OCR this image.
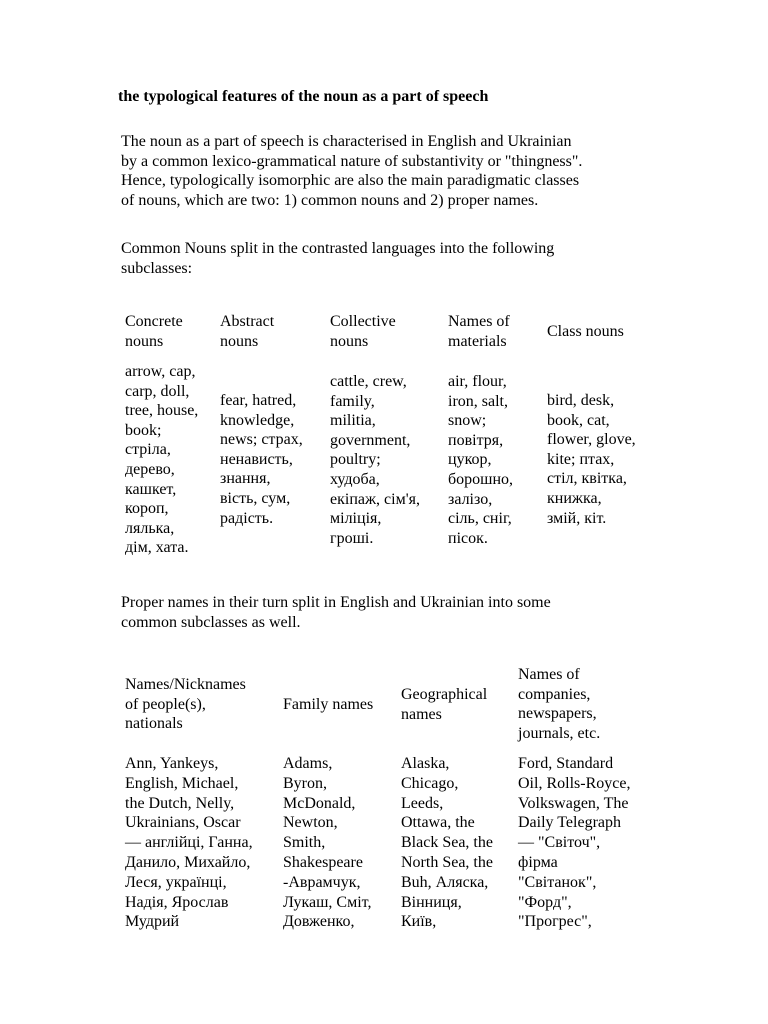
the typological features of the noun as a part of speech
The noun as a part of speech is characterised in English and Ukrainian
by a common lexico-grammatical nature of substantivity or "thingness".
Hence, typologically isomorphic are also the main paradigmatic classes
of nouns, which are two: 1) common nouns and 2) proper names.
Common Nouns split in the contrasted languages into the following
subclasses:
Concrete
nouns
Abstract
nouns
Collective
nouns
Names of
materials
Class nouns
arrow, cap,
carp, doll,
tree, house,
book;
стріла,
дерево,
кашкет,
короп,
лялька,
дім, хата.
fear, hatred,
knowledge,
news; страх,
ненависть,
знання,
вість, сум,
радість.
cattle, crew,
family,
militia,
government,
poultry;
худоба,
екіпаж, сім'я,
міліція,
гроші.
air, flour,
iron, salt,
snow;
повітря,
цукор,
борошно,
залізо,
сіль, сніг,
пісок.
bird, desk,
book, cat,
flower, glove,
kite; птах,
стіл, квітка,
книжка,
змій, кіт.
Proper names in their turn split in English and Ukrainian into some
common subclasses as well.
Names/Nicknames
of people(s),
nationals
Family names
Geographical
names
Names of
companies,
newspapers,
journals, etc.
Ann, Yankeys,
English, Michael,
the Dutch, Nelly,
Ukrainians, Oscar
— англійці, Ганна,
Данило, Михайло,
Леся, українці,
Надія, Ярослав
Мудрий
Adams,
Byron,
McDonald,
Newton,
Smith,
Shakespeare
-Аврамчук,
Лукаш, Сміт,
Довженко,
Alaska,
Chicago,
Leeds,
Ottawa, the
Black Sea, the
North Sea, the
Buh, Аляска,
Вінниця,
Київ,
Ford, Standard
Oil, Rolls-Royce,
Volkswagen, The
Daily Telegraph
— "Світоч",
фірма
"Світанок",
"Форд",
"Прогрес",
